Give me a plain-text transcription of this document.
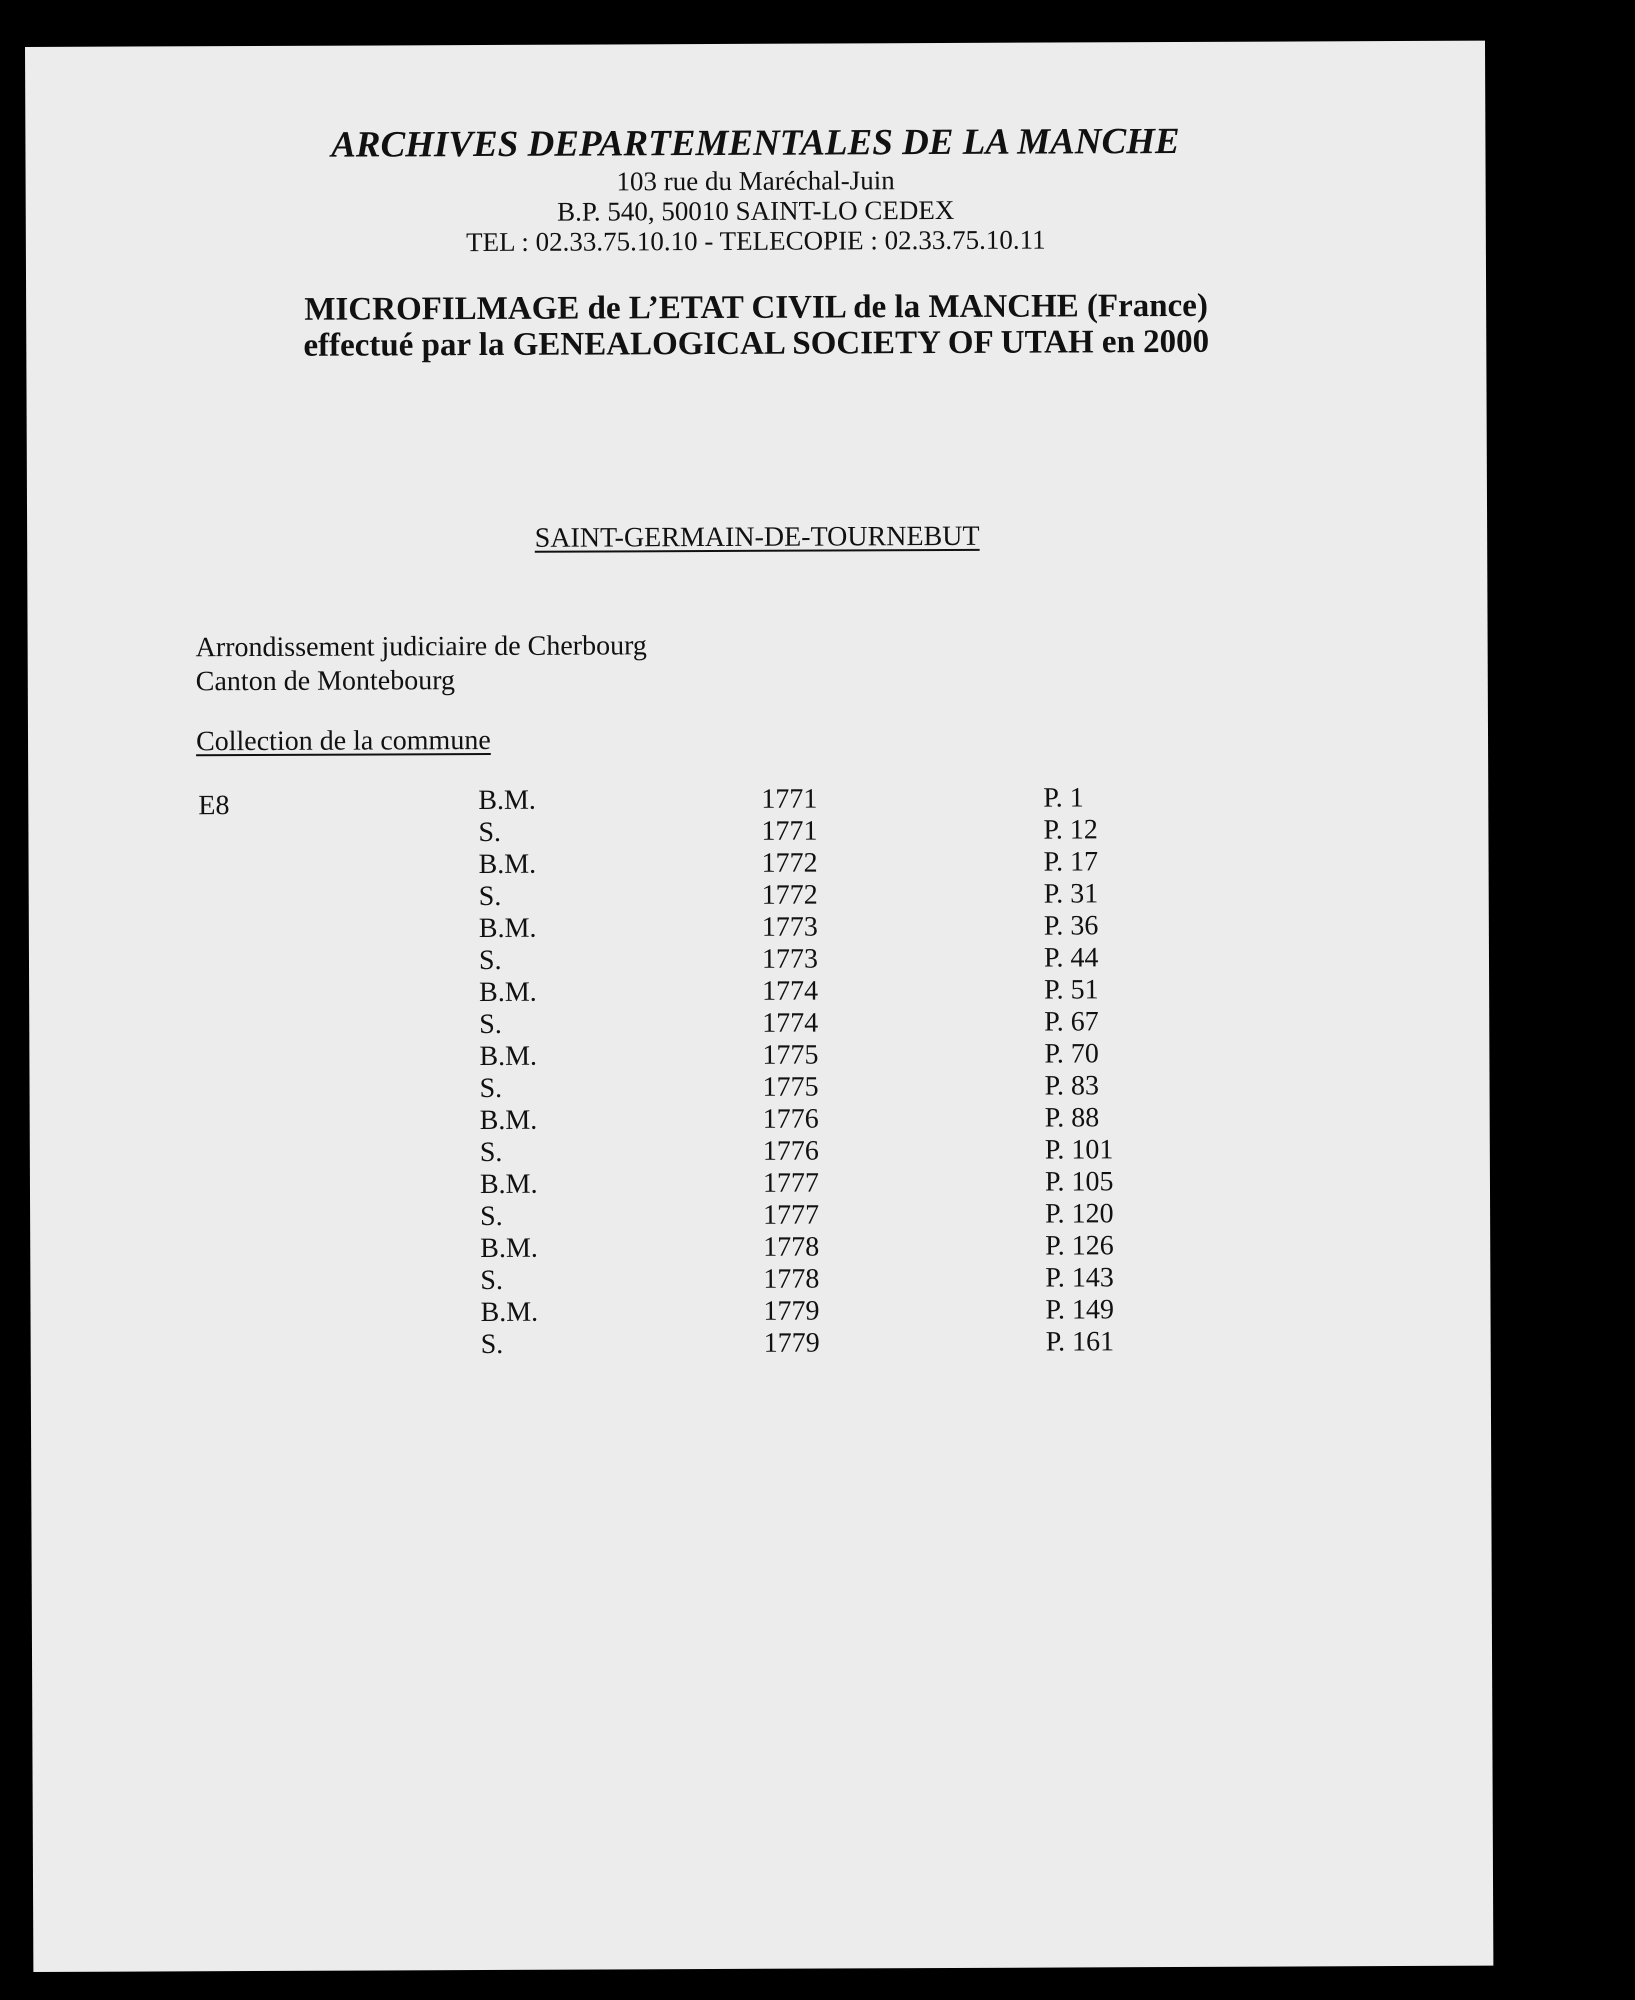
ARCHIVES DEPARTEMENTALES DE LA MANCHE
103 rue du Maréchal-Juin
B.P. 540, 50010 SAINT-LO CEDEX
TEL : 02.33.75.10.10 - TELECOPIE : 02.33.75.10.11
MICROFILMAGE de L’ETAT CIVIL de la MANCHE (France)
effectué par la GENEALOGICAL SOCIETY OF UTAH en 2000
SAINT-GERMAIN-DE-TOURNEBUT
Arrondissement judiciaire de Cherbourg
Canton de Montebourg
Collection de la commune
E8	B.M.	1771	P. 1
S.	1771	P. 12
B.M.	1772	P. 17
S.	1772	P. 31
B.M.	1773	P. 36
S.	1773	P. 44
B.M.	1774	P. 51
S.	1774	P. 67
B.M.	1775	P. 70
S.	1775	P. 83
B.M.	1776	P. 88
S.	1776	P. 101
B.M.	1777	P. 105
S.	1777	P. 120
B.M.	1778	P. 126
S.	1778	P. 143
B.M.	1779	P. 149
S.	1779	P. 161
